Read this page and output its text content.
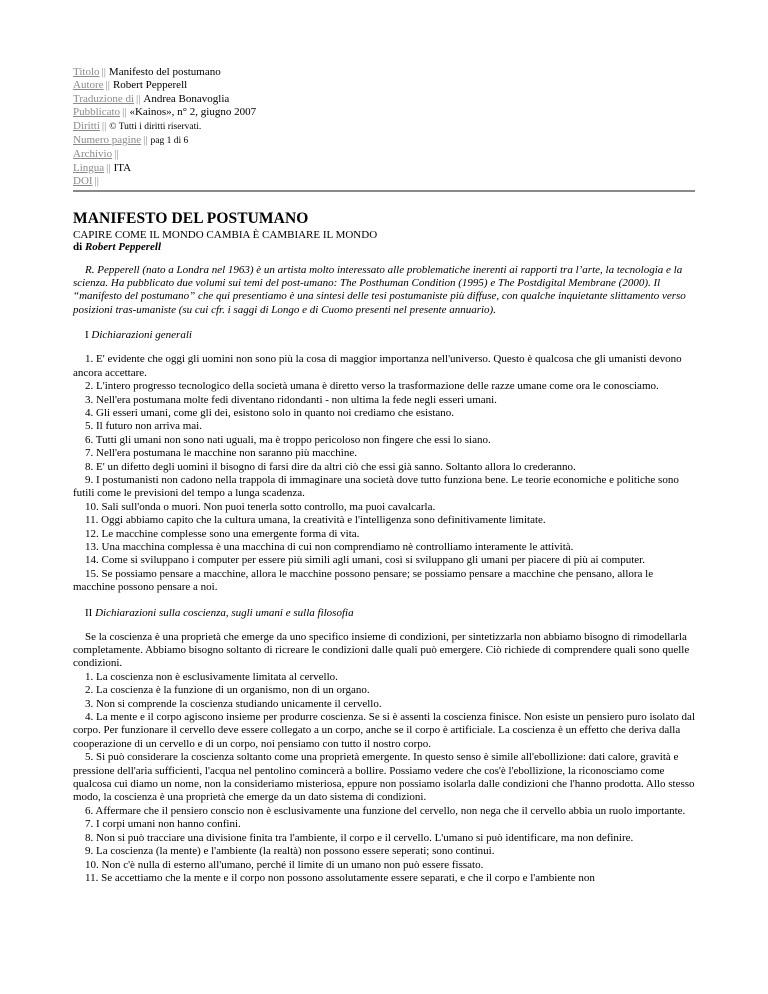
Titolo || Manifesto del postumano
Autore || Robert Pepperell
Traduzione di || Andrea Bonavoglia
Pubblicato || «Kainos», n° 2, giugno 2007
Diritti || © Tutti i diritti riservati.
Numero pagine || pag 1 di 6
Archivio ||
Lingua || ITA
DOI ||
MANIFESTO DEL POSTUMANO
CAPIRE COME IL MONDO CAMBIA È CAMBIARE IL MONDO
di Robert Pepperell
R. Pepperell (nato a Londra nel 1963) è un artista molto interessato alle problematiche inerenti ai rapporti tra l’arte, la tecnologia e la scienza. Ha pubblicato due volumi sui temi del post-umano: The Posthuman Condition (1995) e The Postdigital Membrane (2000). Il “manifesto del postumano” che qui presentiamo è una sintesi delle tesi postumaniste più diffuse, con qualche inquietante slittamento verso posizioni tras-umaniste (su cui cfr. i saggi di Longo e di Cuomo presenti nel presente annuario).
I Dichiarazioni generali

1. E' evidente che oggi gli uomini non sono più la cosa di maggior importanza nell'universo. Questo è qualcosa che gli umanisti devono ancora accettare.

2. L'intero progresso tecnologico della società umana è diretto verso la trasformazione delle razze umane come ora le conosciamo.

3. Nell'era postumana molte fedi diventano ridondanti - non ultima la fede negli esseri umani.

4. Gli esseri umani, come gli dei, esistono solo in quanto noi crediamo che esistano.

5. Il futuro non arriva mai.

6. Tutti gli umani non sono nati uguali, ma è troppo pericoloso non fingere che essi lo siano.

7. Nell'era postumana le macchine non saranno più macchine.

8. E' un difetto degli uomini il bisogno di farsi dire da altri ciò che essi già sanno. Soltanto allora lo crederanno.

9. I postumanisti non cadono nella trappola di immaginare una società dove tutto funziona bene. Le teorie economiche e politiche sono futili come le previsioni del tempo a lunga scadenza.

10. Sali sull'onda o muori. Non puoi tenerla sotto controllo, ma puoi cavalcarla.

11. Oggi abbiamo capito che la cultura umana, la creatività e l'intelligenza sono definitivamente limitate.

12. Le macchine complesse sono una emergente forma di vita.

13. Una macchina complessa è una macchina di cui non comprendiamo nè controlliamo interamente le attività.

14. Come si sviluppano i computer per essere più simili agli umani, così si sviluppano gli umani per piacere di più ai computer.

15. Se possiamo pensare a macchine, allora le macchine possono pensare; se possiamo pensare a macchine che pensano, allora le macchine possono pensare a noi.

II Dichiarazioni sulla coscienza, sugli umani e sulla filosofia

Se la coscienza è una proprietà che emerge da uno specifico insieme di condizioni, per sintetizzarla non abbiamo bisogno di rimodellarla completamente. Abbiamo bisogno soltanto di ricreare le condizioni dalle quali può emergere. Ciò richiede di comprendere quali sono quelle condizioni.

1. La coscienza non è esclusivamente limitata al cervello.

2. La coscienza è la funzione di un organismo, non di un organo.

3. Non si comprende la coscienza studiando unicamente il cervello.

4. La mente e il corpo agiscono insieme per produrre coscienza. Se si è assenti la coscienza finisce. Non esiste un pensiero puro isolato dal corpo. Per funzionare il cervello deve essere collegato a un corpo, anche se il corpo è artificiale. La coscienza è un effetto che deriva dalla cooperazione di un cervello e di un corpo, noi pensiamo con tutto il nostro corpo.

5. Si può considerare la coscienza soltanto come una proprietà emergente. In questo senso è simile all'ebollizione: dati calore, gravità e pressione dell'aria sufficienti, l'acqua nel pentolino comincerà a bollire. Possiamo vedere che cos'è l'ebollizione, la riconosciamo come qualcosa cui diamo un nome, non la consideriamo misteriosa, eppure non possiamo isolarla dalle condizioni che l'hanno prodotta. Allo stesso modo, la coscienza è una proprietà che emerge da un dato sistema di condizioni.

6. Affermare che il pensiero conscio non è esclusivamente una funzione del cervello, non nega che il cervello abbia un ruolo importante.

7. I corpi umani non hanno confini.

8. Non si può tracciare una divisione finita tra l'ambiente, il corpo e il cervello. L'umano si può identificare, ma non definire.

9. La coscienza (la mente) e l'ambiente (la realtà) non possono essere seperati; sono continui.

10. Non c'è nulla di esterno all'umano, perché il limite di un umano non può essere fissato.

11. Se accettiamo che la mente e il corpo non possono assolutamente essere separati, e che il corpo e l'ambiente non
